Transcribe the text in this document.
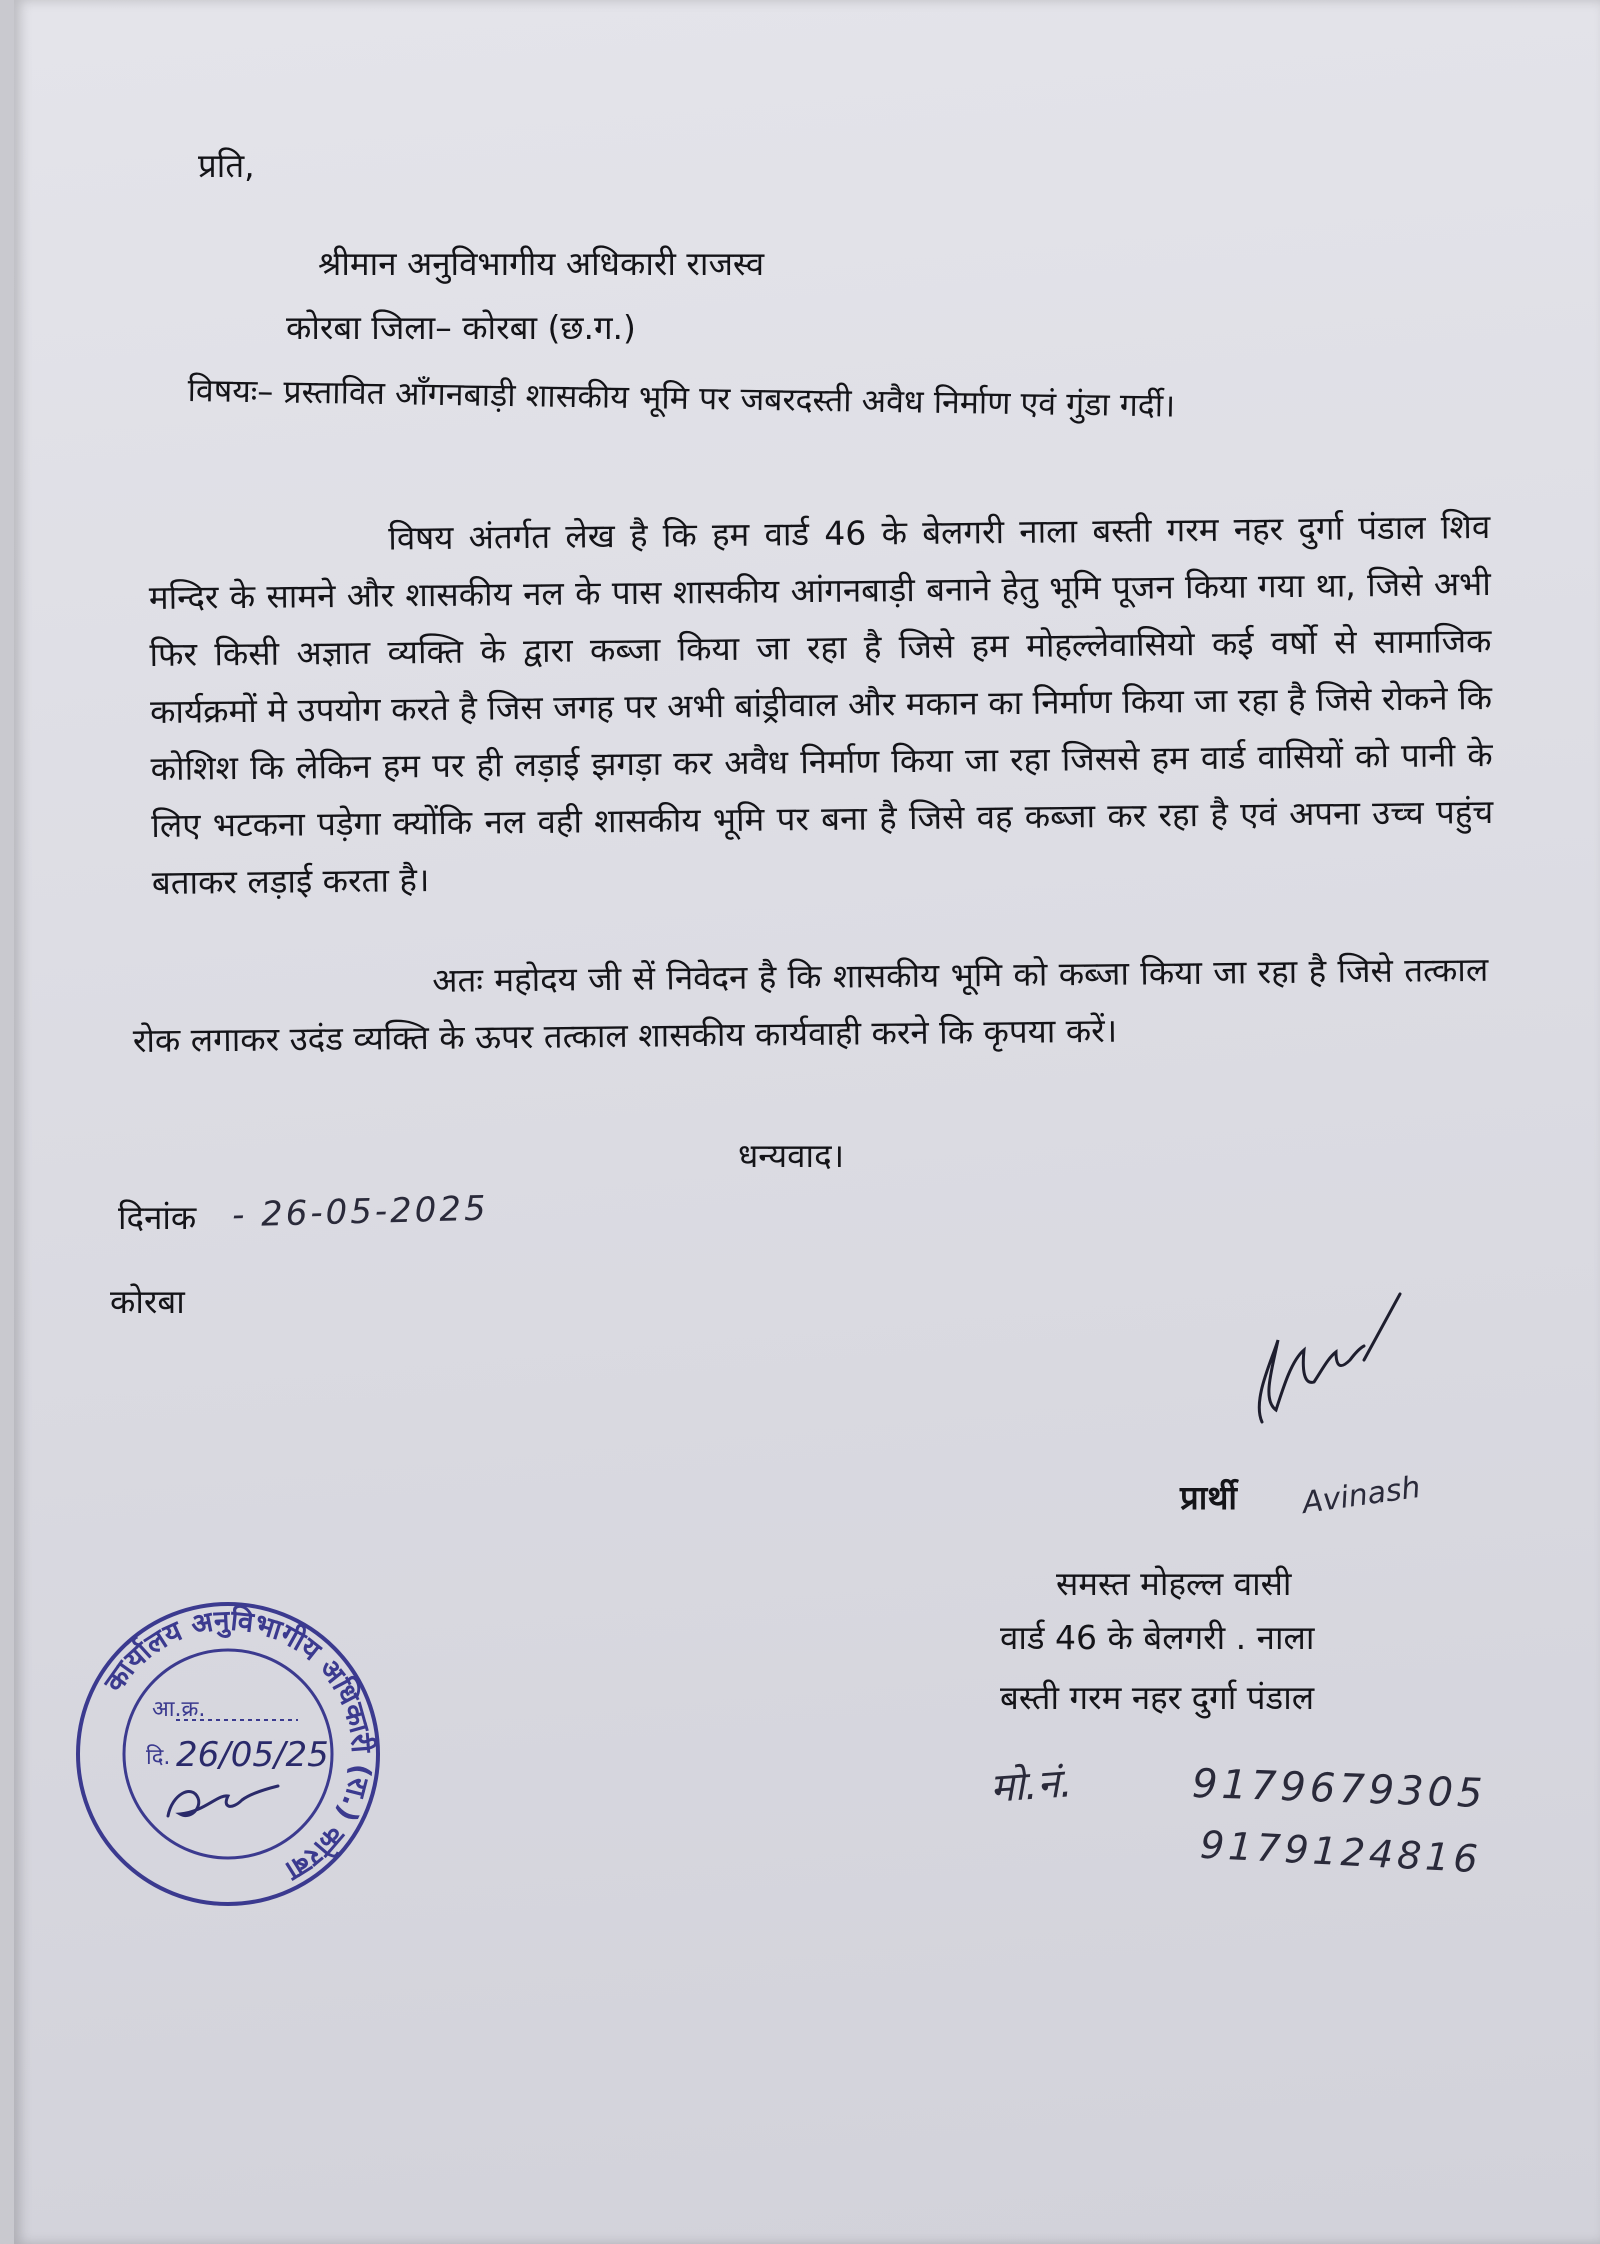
प्रति,
श्रीमान अनुविभागीय अधिकारी राजस्व
कोरबा जिला– कोरबा (छ.ग.)
विषयः– प्रस्तावित आँगनबाड़ी शासकीय भूमि पर जबरदस्ती अवैध निर्माण एवं गुंडा गर्दी।
विषय अंतर्गत लेख है कि हम वार्ड 46 के बेलगरी नाला बस्ती गरम नहर दुर्गा पंडाल शिव मन्दिर के सामने और शासकीय नल के पास शासकीय आंगनबाड़ी बनाने हेतु भूमि पूजन किया गया था, जिसे अभी फिर किसी अज्ञात व्यक्ति के द्वारा कब्जा किया जा रहा है जिसे हम मोहल्लेवासियो कई वर्षो से सामाजिक कार्यक्रमों मे उपयोग करते है जिस जगह पर अभी बांड्रीवाल और मकान का निर्माण किया जा रहा है जिसे रोकने कि कोशिश कि लेकिन हम पर ही लड़ाई झगड़ा कर अवैध निर्माण किया जा रहा जिससे हम वार्ड वासियों को पानी के लिए भटकना पड़ेगा क्योंकि नल वही शासकीय भूमि पर बना है जिसे वह कब्जा कर रहा है एवं अपना उच्च पहुंच बताकर लड़ाई करता है।
अतः महोदय जी सें निवेदन है कि शासकीय भूमि को कब्जा किया जा रहा है जिसे तत्काल रोक लगाकर उदंड व्यक्ति के ऊपर तत्काल शासकीय कार्यवाही करने कि कृपया करें।
धन्यवाद।
दिनांक - 26-05-2025
कोरबा
प्रार्थी Avinash
समस्त मोहल्ल वासी
वार्ड 46 के बेलगरी . नाला
बस्ती गरम नहर दुर्गा पंडाल
मो.नं.	9179679305
9179124816
कार्यालय अनुविभागीय अधिकारी (रा.) कोरबा
आ.क्र.
दि. 26/05/25
